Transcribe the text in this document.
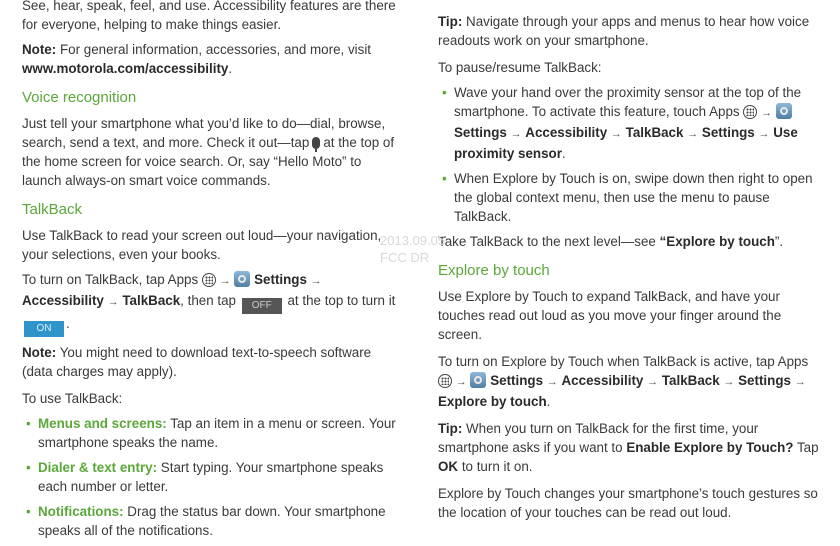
See, hear, speak, feel, and use. Accessibility features are there for everyone, helping to make things easier.

Note: For general information, accessories, and more, visit www.motorola.com/accessibility.

Voice recognition

Just tell your smartphone what you’d like to do—dial, browse, search, send a text, and more. Check it out—tap at the top of the home screen for voice search. Or, say “Hello Moto” to launch always-on smart voice commands.

TalkBack

Use TalkBack to read your screen out loud—your navigation, your selections, even your books.

To turn on TalkBack, tap Apps → Settings → Accessibility → TalkBack, then tap OFF at the top to turn it ON .

Note: You might need to download text-to-speech software (data charges may apply).

To use TalkBack:

• Menus and screens: Tap an item in a menu or screen. Your smartphone speaks the name.
• Dialer & text entry: Start typing. Your smartphone speaks each number or letter.
• Notifications: Drag the status bar down. Your smartphone speaks all of the notifications.

Tip: Navigate through your apps and menus to hear how voice readouts work on your smartphone.

To pause/resume TalkBack:

• Wave your hand over the proximity sensor at the top of the smartphone. To activate this feature, touch Apps →  Settings → Accessibility → TalkBack → Settings → Use proximity sensor.
• When Explore by Touch is on, swipe down then right to open the global context menu, then use the menu to pause TalkBack.

Take TalkBack to the next level—see “Explore by touch”.

Explore by touch

Use Explore by Touch to expand TalkBack, and have your touches read out loud as you move your finger around the screen.

To turn on Explore by Touch when TalkBack is active, tap Apps  → Settings → Accessibility → TalkBack → Settings → Explore by touch.

Tip: When you turn on TalkBack for the first time, your smartphone asks if you want to Enable Explore by Touch? Tap OK to turn it on.

Explore by Touch changes your smartphone’s touch gestures so the location of your touches can be read out loud.

2013.09.05
FCC DR
